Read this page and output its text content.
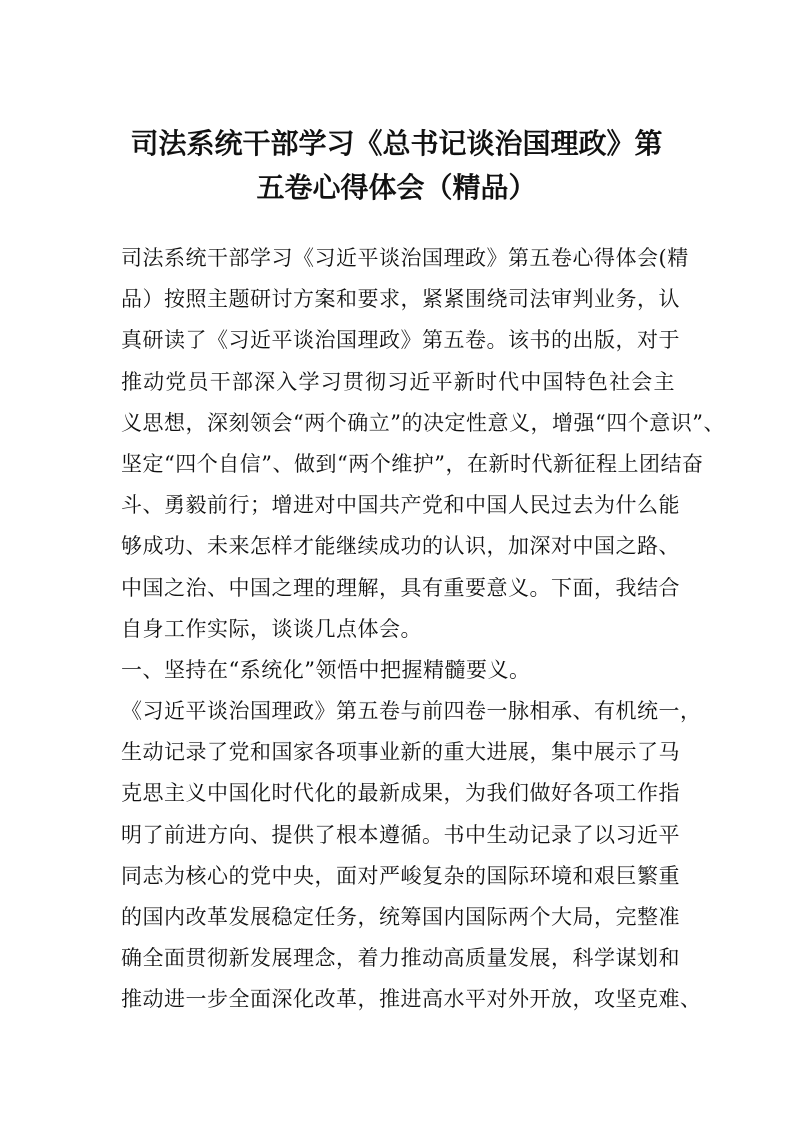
司法系统干部学习《总书记谈治国理政》第
五卷心得体会（精品）
司法系统干部学习《习近平谈治国理政》第五卷心得体会(精
品）按照主题研讨方案和要求，紧紧围绕司法审判业务，认
真研读了《习近平谈治国理政》第五卷。该书的出版，对于
推动党员干部深入学习贯彻习近平新时代中国特色社会主
义思想，深刻领会“两个确立”的决定性意义，增强“四个意识”、
坚定“四个自信”、做到“两个维护”，在新时代新征程上团结奋
斗、勇毅前行；增进对中国共产党和中国人民过去为什么能
够成功、未来怎样才能继续成功的认识，加深对中国之路、
中国之治、中国之理的理解，具有重要意义。下面，我结合
自身工作实际，谈谈几点体会。
一、坚持在“系统化”领悟中把握精髓要义。
《习近平谈治国理政》第五卷与前四卷一脉相承、有机统一，
生动记录了党和国家各项事业新的重大进展，集中展示了马
克思主义中国化时代化的最新成果，为我们做好各项工作指
明了前进方向、提供了根本遵循。书中生动记录了以习近平
同志为核心的党中央，面对严峻复杂的国际环境和艰巨繁重
的国内改革发展稳定任务，统筹国内国际两个大局，完整准
确全面贯彻新发展理念，着力推动高质量发展，科学谋划和
推动进一步全面深化改革，推进高水平对外开放，攻坚克难、
